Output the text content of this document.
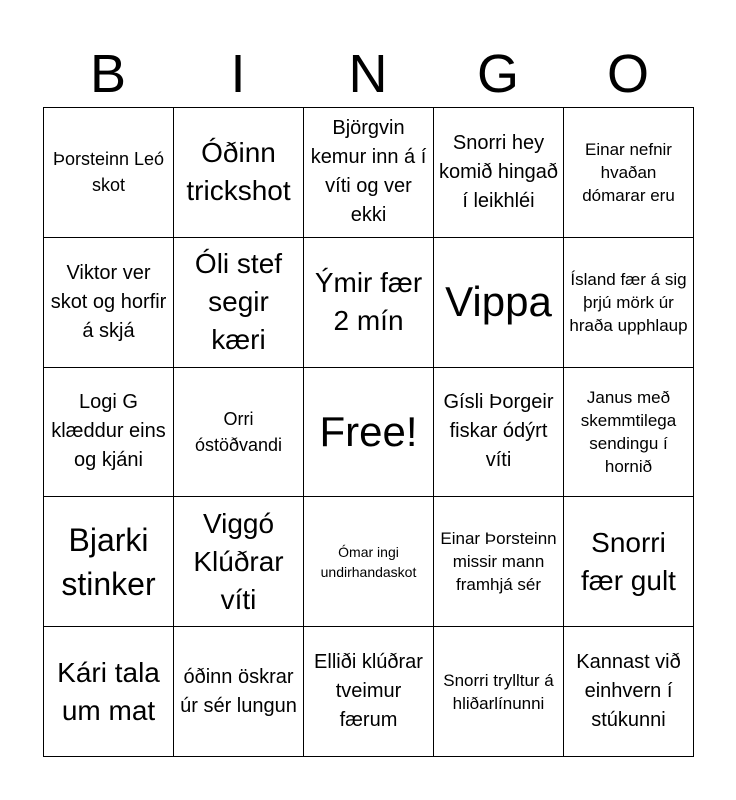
B	I	N	G	O
Þorsteinn Leó skot	Óðinn trickshot	Björgvin kemur inn á í víti og ver ekki	Snorri hey komið hingað í leikhléi	Einar nefnir hvaðan dómarar eru
Viktor ver skot og horfir á skjá	Óli stef segir kæri	Ýmir fær 2 mín	Vippa	Ísland fær á sig þrjú mörk úr hraða upphlaup
Logi G klæddur eins og kjáni	Orri óstöðvandi	Free!	Gísli Þorgeir fiskar ódýrt víti	Janus með skemmtilega sendingu í hornið
Bjarki stinker	Viggó Klúðrar víti	Ómar ingi undirhandaskot	Einar Þorsteinn missir mann framhjá sér	Snorri fær gult
Kári tala um mat	óðinn öskrar úr sér lungun	Elliði klúðrar tveimur færum	Snorri trylltur á hliðarlínunni	Kannast við einhvern í stúkunni
